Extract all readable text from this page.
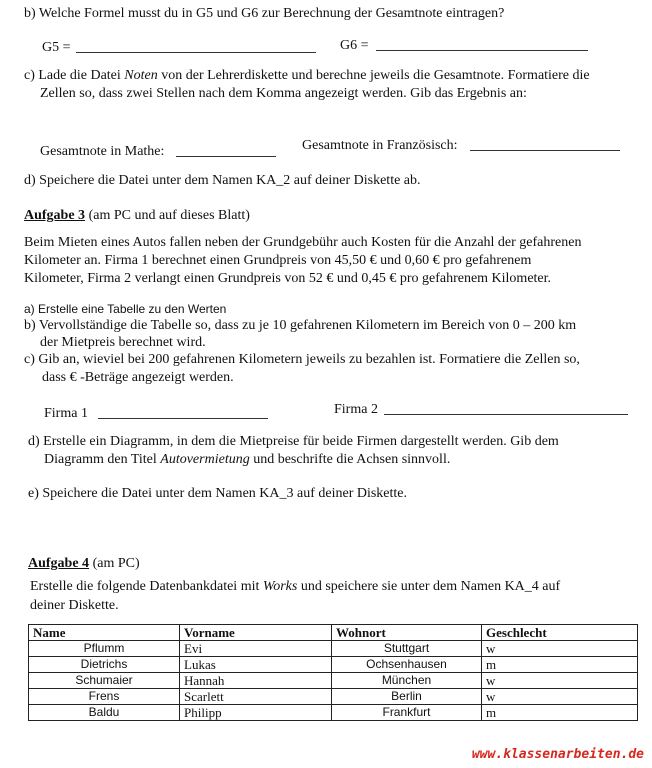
b) Welche Formel musst du in G5 und G6 zur Berechnung der Gesamtnote eintragen?
G5 =	G6 =
c) Lade die Datei Noten von der Lehrerdiskette und berechne jeweils die Gesamtnote. Formatiere die
Zellen so, dass zwei Stellen nach dem Komma angezeigt werden. Gib das Ergebnis an:
Gesamtnote in Mathe:	Gesamtnote in Französisch:
d) Speichere die Datei unter dem Namen KA_2 auf deiner Diskette ab.
Aufgabe 3 (am PC und auf dieses Blatt)
Beim Mieten eines Autos fallen neben der Grundgebühr auch Kosten für die Anzahl der gefahrenen
Kilometer an. Firma 1 berechnet einen Grundpreis von 45,50 € und 0,60 € pro gefahrenem
Kilometer, Firma 2 verlangt einen Grundpreis von 52 € und 0,45 € pro gefahrenem Kilometer.
a) Erstelle eine Tabelle zu den Werten
b) Vervollständige die Tabelle so, dass zu je 10 gefahrenen Kilometern im Bereich von 0 – 200 km
der Mietpreis berechnet wird.
c) Gib an, wieviel bei 200 gefahrenen Kilometern jeweils zu bezahlen ist. Formatiere die Zellen so,
dass € -Beträge angezeigt werden.
Firma 1	Firma 2
d) Erstelle ein Diagramm, in dem die Mietpreise für beide Firmen dargestellt werden. Gib dem
Diagramm den Titel Autovermietung und beschrifte die Achsen sinnvoll.
e) Speichere die Datei unter dem Namen KA_3 auf deiner Diskette.
Aufgabe 4 (am PC)
Erstelle die folgende Datenbankdatei mit Works und speichere sie unter dem Namen KA_4 auf
deiner Diskette.
Name	Vorname	Wohnort	Geschlecht
Pflumm	Evi	Stuttgart	w
Dietrichs	Lukas	Ochsenhausen	m
Schumaier	Hannah	München	w
Frens	Scarlett	Berlin	w
Baldu	Philipp	Frankfurt	m
www.klassenarbeiten.de
